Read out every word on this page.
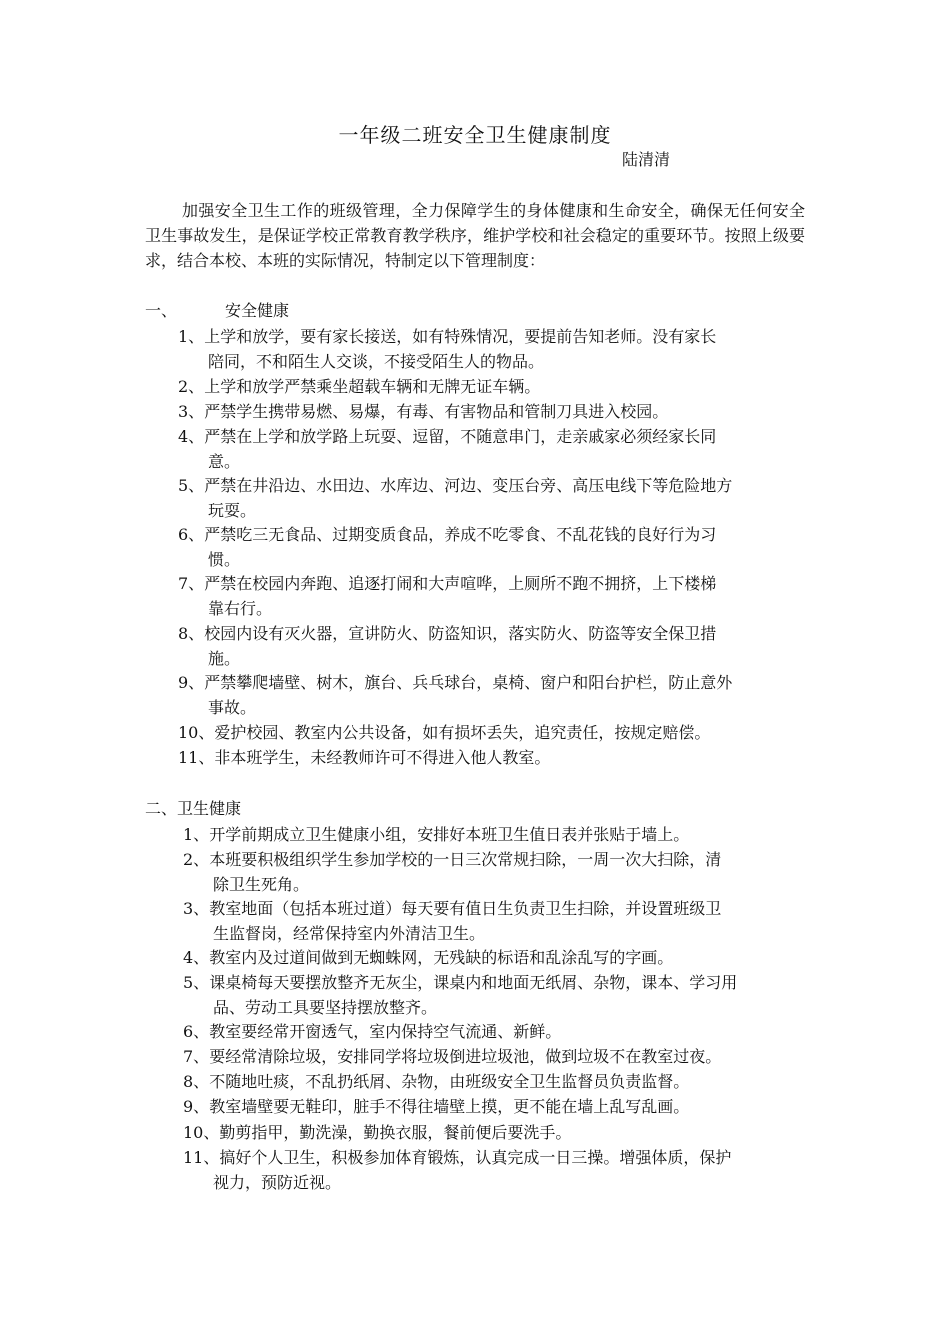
一年级二班安全卫生健康制度
陆清清
加强安全卫生工作的班级管理，全力保障学生的身体健康和生命安全，确保无任何安全卫生事故发生，是保证学校正常教育教学秩序，维护学校和社会稳定的重要环节。按照上级要求，结合本校、本班的实际情况，特制定以下管理制度：
一、	安全健康
1、上学和放学，要有家长接送，如有特殊情况，要提前告知老师。没有家长
陪同，不和陌生人交谈，不接受陌生人的物品。
2、上学和放学严禁乘坐超载车辆和无牌无证车辆。
3、严禁学生携带易燃、易爆，有毒、有害物品和管制刀具进入校园。
4、严禁在上学和放学路上玩耍、逗留，不随意串门，走亲戚家必须经家长同
意。
5、严禁在井沿边、水田边、水库边、河边、变压台旁、高压电线下等危险地方
玩耍。
6、严禁吃三无食品、过期变质食品，养成不吃零食、不乱花钱的良好行为习
惯。
7、严禁在校园内奔跑、追逐打闹和大声喧哗，上厕所不跑不拥挤，上下楼梯
靠右行。
8、校园内设有灭火器，宣讲防火、防盗知识，落实防火、防盗等安全保卫措
施。
9、严禁攀爬墙壁、树木，旗台、兵乓球台，桌椅、窗户和阳台护栏，防止意外
事故。
10、爱护校园、教室内公共设备，如有损坏丢失，追究责任，按规定赔偿。
11、非本班学生，未经教师许可不得进入他人教室。
二、卫生健康
1、开学前期成立卫生健康小组，安排好本班卫生值日表并张贴于墙上。
2、本班要积极组织学生参加学校的一日三次常规扫除，一周一次大扫除，清
除卫生死角。
3、教室地面（包括本班过道）每天要有值日生负责卫生扫除，并设置班级卫
生监督岗，经常保持室内外清洁卫生。
4、教室内及过道间做到无蜘蛛网，无残缺的标语和乱涂乱写的字画。
5、课桌椅每天要摆放整齐无灰尘，课桌内和地面无纸屑、杂物，课本、学习用
品、劳动工具要坚持摆放整齐。
6、教室要经常开窗透气，室内保持空气流通、新鲜。
7、要经常清除垃圾，安排同学将垃圾倒进垃圾池，做到垃圾不在教室过夜。
8、不随地吐痰，不乱扔纸屑、杂物，由班级安全卫生监督员负责监督。
9、教室墙壁要无鞋印，脏手不得往墙壁上摸，更不能在墙上乱写乱画。
10、勤剪指甲，勤洗澡，勤换衣服，餐前便后要洗手。
11、搞好个人卫生，积极参加体育锻炼，认真完成一日三操。增强体质，保护
视力，预防近视。
